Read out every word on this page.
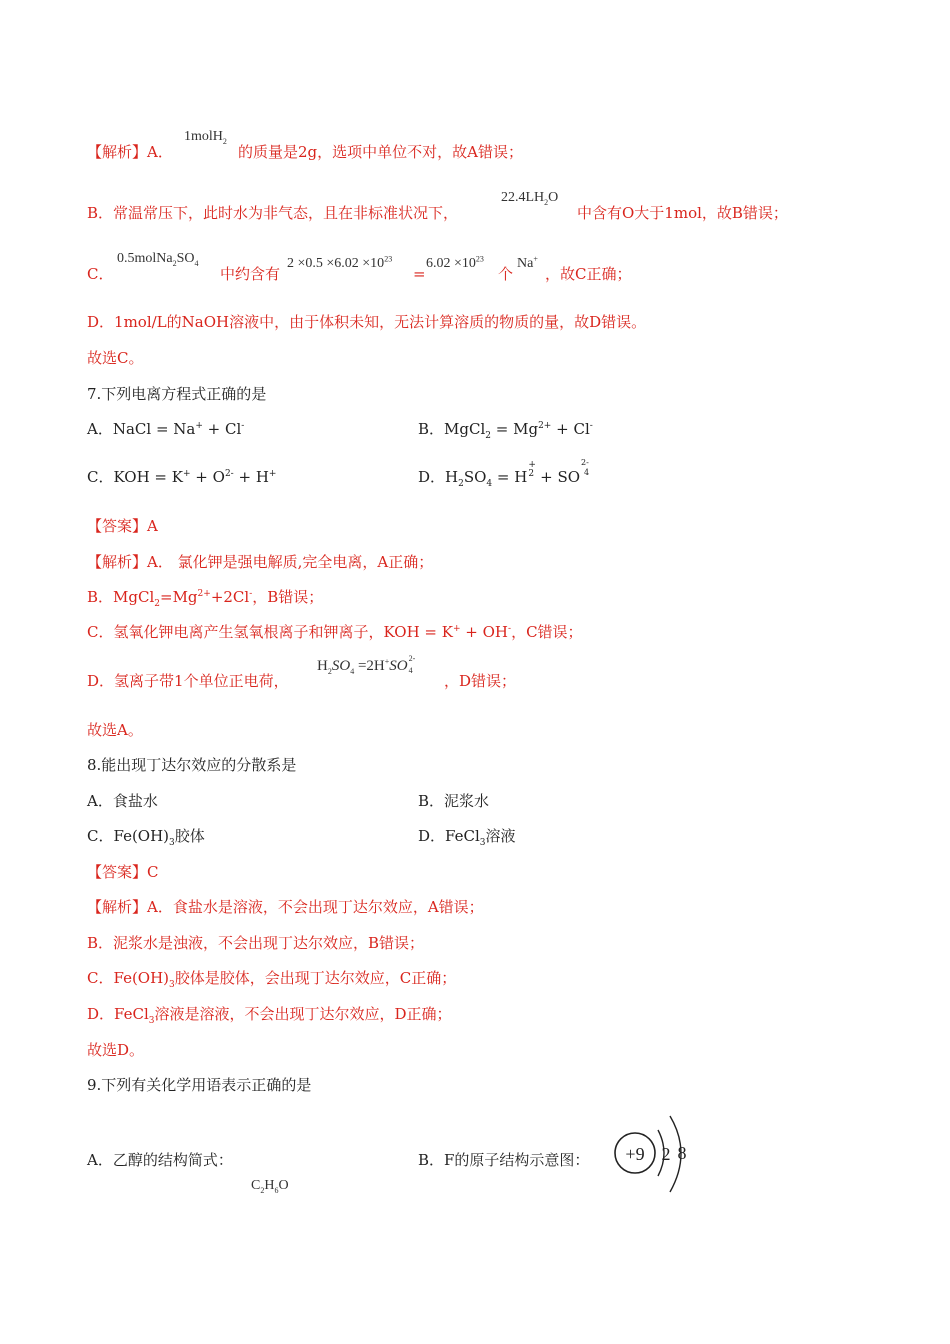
【解析】A．
1molH$_2$
的质量是2g，选项中单位不对，故A错误；
B．常温常压下，此时水为非气态，且在非标准状况下，
$22.4LH_2O$
中含有O大于1mol，故B错误；
C．
$0.5molNa_2SO_4$
中约含有
$2 \times 0.5 \times 6.02 \times 10^{23}$
=
$6.02 \times 10^{23}$
个
Na+
，故C正确；
D．1mol/L的NaOH溶液中，由于体积未知，无法计算溶质的物质的量，故D错误。
故选C。
7.下列电离方程式正确的是
A．NaCl = Na+ + Cl-	B．MgCl$_2$ = $Mg^{2+} + Cl^-$
C．KOH = $K^+ + O^{2-} + H^+$	D．$H_2SO_4 = H$
+
2 + SO
2-
4
【答案】A
【解析】A． 氯化钾是强电解质,完全电离，A正确；
B．$MgCl_2=Mg^{2+}+2Cl^-$，B错误；
C．氢氧化钾电离产生氢氧根离子和钾离子，KOH = K+ + OH-，C错误；
D．氢离子带1个单位正电荷，
$H_2SO_4 =2H^+SO$ 2-
4
，D错误；
故选A。
8.能出现丁达尔效应的分散系是
A．食盐水	B．泥浆水
C．$Fe(OH)_3$胶体	D．FeCl$_3$溶液
【答案】C
【解析】A．食盐水是溶液，不会出现丁达尔效应，A错误；
B．泥浆水是浊液，不会出现丁达尔效应，B错误；
C．$Fe(OH)_3$胶体是胶体，会出现丁达尔效应，C正确；
D．FeCl$_3$溶液是溶液，不会出现丁达尔效应，D正确；
故选D。
9.下列有关化学用语表示正确的是
A．乙醇的结构简式：
$C_2H_6O$
B．F的原子结构示意图： +9 2 8
